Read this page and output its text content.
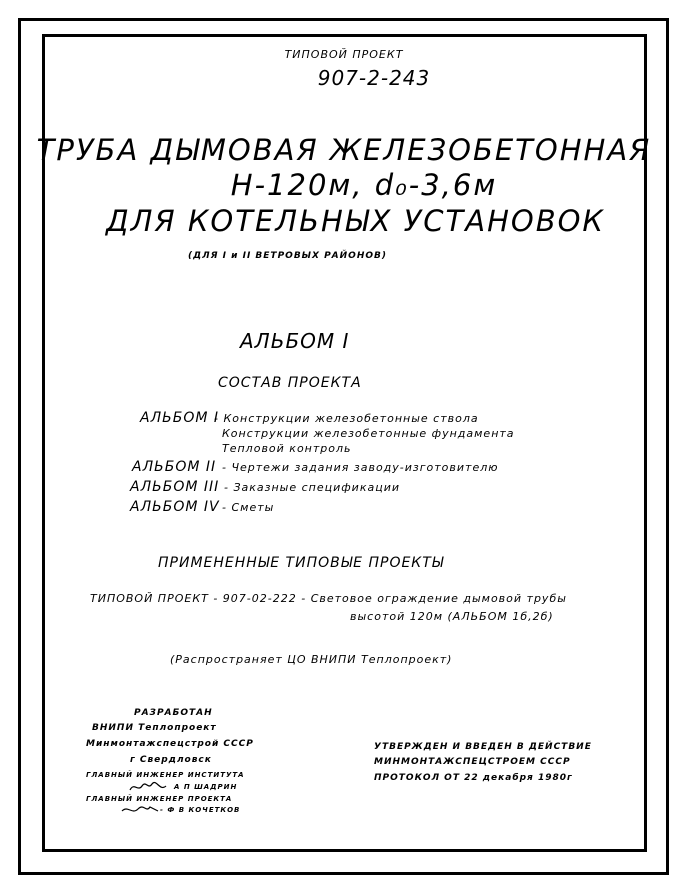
ТИПОВОЙ ПРОЕКТ
907-2-243
ТРУБА ДЫМОВАЯ ЖЕЛЕЗОБЕТОННАЯ
Н-120м, d₀-3,6м
ДЛЯ КОТЕЛЬНЫХ УСТАНОВОК
(ДЛЯ I и II ВЕТРОВЫХ РАЙОНОВ)
АЛЬБОМ I
СОСТАВ ПРОЕКТА
АЛЬБОМ I
- Конструкции железобетонные ствола
Конструкции железобетонные фундамента
Тепловой контроль
АЛЬБОМ II - Чертежи задания заводу-изготовителю
АЛЬБОМ III - Заказные спецификации
АЛЬБОМ IV - Сметы
ПРИМЕНЕННЫЕ ТИПОВЫЕ ПРОЕКТЫ
ТИПОВОЙ ПРОЕКТ - 907-02-222 - Световое ограждение дымовой трубы
высотой 120м (АЛЬБОМ 1б,2б)
(Распространяет ЦО ВНИПИ Теплопроект)
РАЗРАБОТАН
ВНИПИ Теплопроект
Минмонтажспецстрой СССР
г Свердловск
ГЛАВНЫЙ ИНЖЕНЕР ИНСТИТУТА
А П ШАДРИН
ГЛАВНЫЙ ИНЖЕНЕР ПРОЕКТА
- Ф В КОЧЕТКОВ
УТВЕРЖДЕН И ВВЕДЕН В ДЕЙСТВИЕ
МИНМОНТАЖСПЕЦСТРОЕМ СССР
ПРОТОКОЛ ОТ 22 декабря 1980г
